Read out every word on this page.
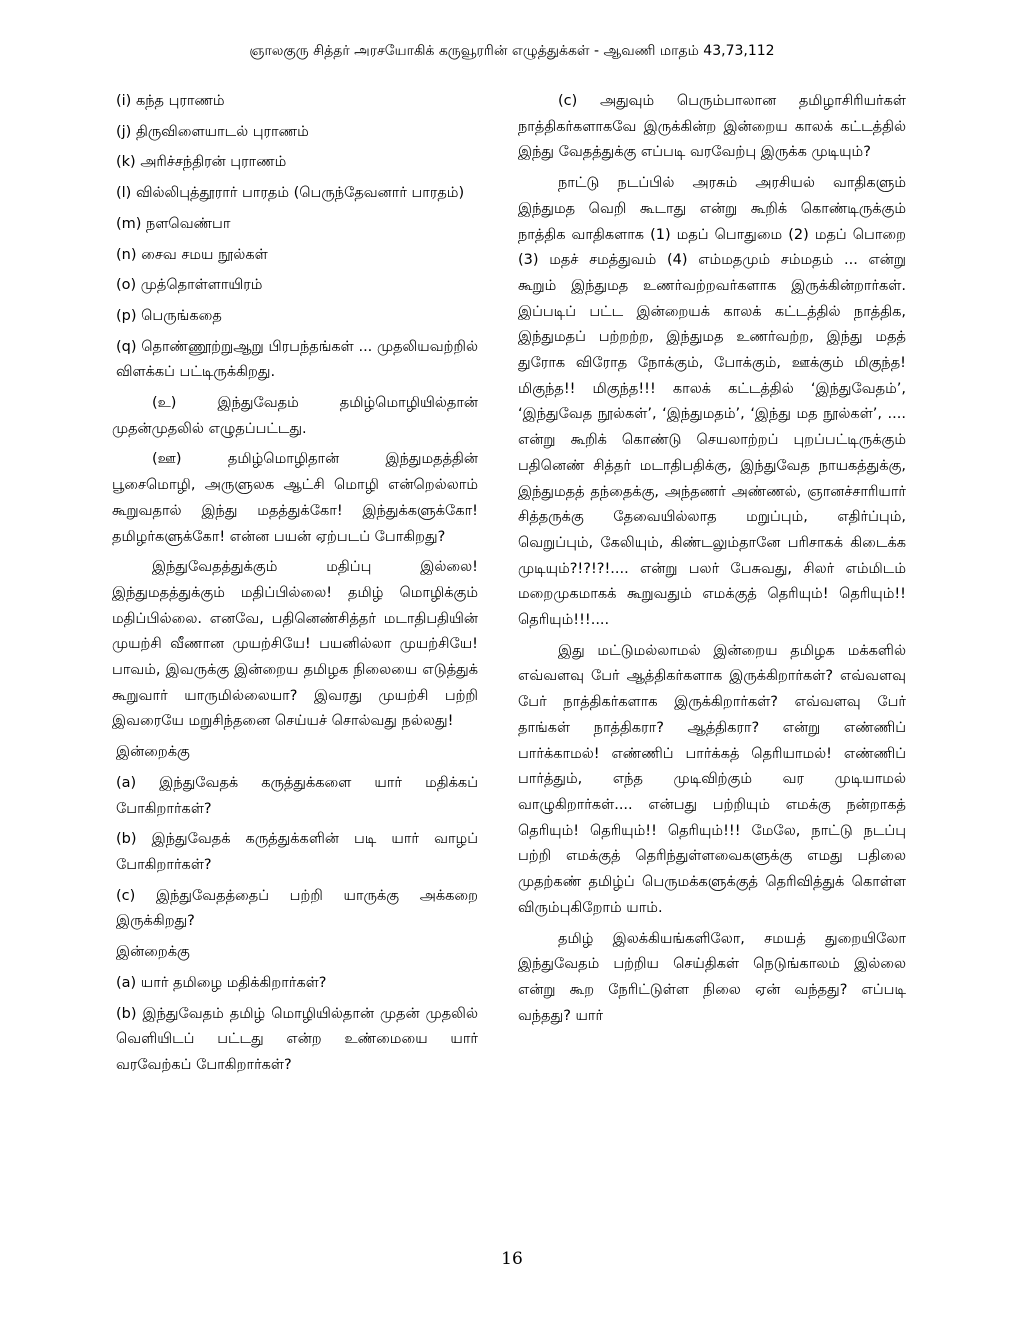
ஞாலகுரு சித்தர் அரசயோகிக் கருவூரரின் எழுத்துக்கள் - ஆவணி மாதம் 43,73,112

(i) கந்த புராணம்

(j) திருவிளையாடல் புராணம்

(k) அரிச்சந்திரன் புராணம்

(l) வில்லிபுத்தூரார் பாரதம் (பெருந்தேவனார் பாரதம்)

(m) நளவெண்பா

(n) சைவ சமய நூல்கள்

(o) முத்தொள்ளாயிரம்

(p) பெருங்கதை

(q) தொண்ணூற்றுஆறு பிரபந்தங்கள் ... முதலியவற்றில் விளக்கப் பட்டிருக்கிறது.

(உ) இந்துவேதம் தமிழ்மொழியில்தான் முதன்முதலில் எழுதப்பட்டது.

(ஊ) தமிழ்மொழிதான் இந்துமதத்தின் பூசைமொழி, அருளுலக ஆட்சி மொழி என்றெல்லாம் கூறுவதால் இந்து மதத்துக்கோ! இந்துக்களுக்கோ! தமிழர்களுக்கோ! என்ன பயன் ஏற்படப் போகிறது?

இந்துவேதத்துக்கும் மதிப்பு இல்லை! இந்துமதத்துக்கும் மதிப்பில்லை! தமிழ் மொழிக்கும் மதிப்பில்லை. எனவே, பதினெண்சித்தர் மடாதிபதியின் முயற்சி வீணான முயற்சியே! பயனில்லா முயற்சியே! பாவம், இவருக்கு இன்றைய தமிழக நிலையை எடுத்துக் கூறுவார் யாருமில்லையா? இவரது முயற்சி பற்றி இவரையே மறுசிந்தனை செய்யச் சொல்வது நல்லது!

இன்றைக்கு

(a) இந்துவேதக் கருத்துக்களை யார் மதிக்கப் போகிறார்கள்?

(b) இந்துவேதக் கருத்துக்களின் படி யார் வாழப் போகிறார்கள்?

(c) இந்துவேதத்தைப் பற்றி யாருக்கு அக்கறை இருக்கிறது?

இன்றைக்கு

(a) யார் தமிழை மதிக்கிறார்கள்?

(b) இந்துவேதம் தமிழ் மொழியில்தான் முதன் முதலில் வெளியிடப் பட்டது என்ற உண்மையை யார் வரவேற்கப் போகிறார்கள்?

(c) அதுவும் பெரும்பாலான தமிழாசிரியர்கள் நாத்திகர்களாகவே இருக்கின்ற இன்றைய காலக் கட்டத்தில் இந்து வேதத்துக்கு எப்படி வரவேற்பு இருக்க முடியும்?

நாட்டு நடப்பில் அரசும் அரசியல் வாதிகளும் இந்துமத வெறி கூடாது என்று கூறிக் கொண்டிருக்கும் நாத்திக வாதிகளாக (1) மதப் பொதுமை (2) மதப் பொறை (3) மதச் சமத்துவம் (4) எம்மதமும் சம்மதம் ... என்று கூறும் இந்துமத உணர்வற்றவர்களாக இருக்கின்றார்கள். இப்படிப் பட்ட இன்றையக் காலக் கட்டத்தில் நாத்திக, இந்துமதப் பற்றற்ற, இந்துமத உணர்வற்ற, இந்து மதத் துரோக விரோத நோக்கும், போக்கும், ஊக்கும் மிகுந்த! மிகுந்த!! மிகுந்த!!! காலக் கட்டத்தில் ‘இந்துவேதம்’, ‘இந்துவேத நூல்கள்’, ‘இந்துமதம்’, ‘இந்து மத நூல்கள்’, .... என்று கூறிக் கொண்டு செயலாற்றப் புறப்பட்டிருக்கும் பதினெண் சித்தர் மடாதிபதிக்கு, இந்துவேத நாயகத்துக்கு, இந்துமதத் தந்தைக்கு, அந்தணர் அண்ணல், ஞானச்சாரியார் சித்தருக்கு தேவையில்லாத மறுப்பும், எதிர்ப்பும், வெறுப்பும், கேலியும், கிண்டலும்தானே பரிசாகக் கிடைக்க முடியும்?!?!?!.... என்று பலர் பேசுவது, சிலர் எம்மிடம் மறைமுகமாகக் கூறுவதும் எமக்குத் தெரியும்! தெரியும்!! தெரியும்!!!....

இது மட்டுமல்லாமல் இன்றைய தமிழக மக்களில் எவ்வளவு பேர் ஆத்திகர்களாக இருக்கிறார்கள்? எவ்வளவு பேர் நாத்திகர்களாக இருக்கிறார்கள்? எவ்வளவு பேர் தாங்கள் நாத்திகரா? ஆத்திகரா? என்று எண்ணிப் பார்க்காமல்! எண்ணிப் பார்க்கத் தெரியாமல்! எண்ணிப் பார்த்தும், எந்த முடிவிற்கும் வர முடியாமல் வாழுகிறார்கள்.... என்பது பற்றியும் எமக்கு நன்றாகத் தெரியும்! தெரியும்!! தெரியும்!!! மேலே, நாட்டு நடப்பு பற்றி எமக்குத் தெரிந்துள்ளவைகளுக்கு எமது பதிலை முதற்கண் தமிழ்ப் பெருமக்களுக்குத் தெரிவித்துக் கொள்ள விரும்புகிறோம் யாம்.

தமிழ் இலக்கியங்களிலோ, சமயத் துறையிலோ இந்துவேதம் பற்றிய செய்திகள் நெடுங்காலம் இல்லை என்று கூற நேரிட்டுள்ள நிலை ஏன் வந்தது? எப்படி வந்தது? யார்

16
